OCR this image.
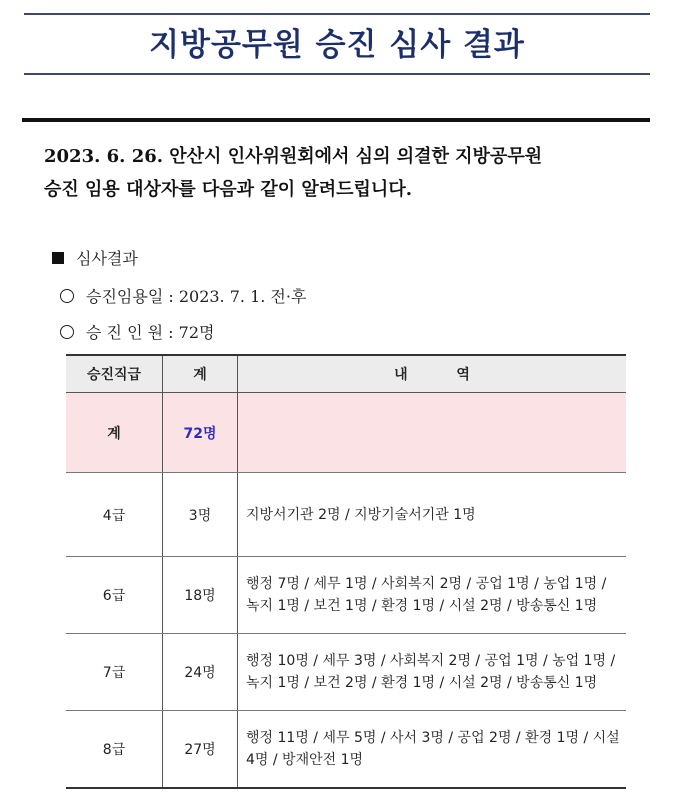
지방공무원 승진 심사 결과
2023. 6. 26. 안산시 인사위원회에서 심의 의결한 지방공무원
승진 임용 대상자를 다음과 같이 알려드립니다.
심사결과
승진임용일 : 2023. 7. 1. 전·후
승 진 인 원 : 72명
승진직급	계	내          역
계	72명	
4급	3명	지방서기관 2명 / 지방기술서기관 1명
6급	18명	행정 7명 / 세무 1명 / 사회복지 2명 / 공업 1명 / 농업 1명 / 녹지 1명 / 보건 1명 / 환경 1명 / 시설 2명 / 방송통신 1명
7급	24명	행정 10명 / 세무 3명 / 사회복지 2명 / 공업 1명 / 농업 1명 / 녹지 1명 / 보건 2명 / 환경 1명 / 시설 2명 / 방송통신 1명
8급	27명	행정 11명 / 세무 5명 / 사서 3명 / 공업 2명 / 환경 1명 / 시설 4명 / 방재안전 1명
